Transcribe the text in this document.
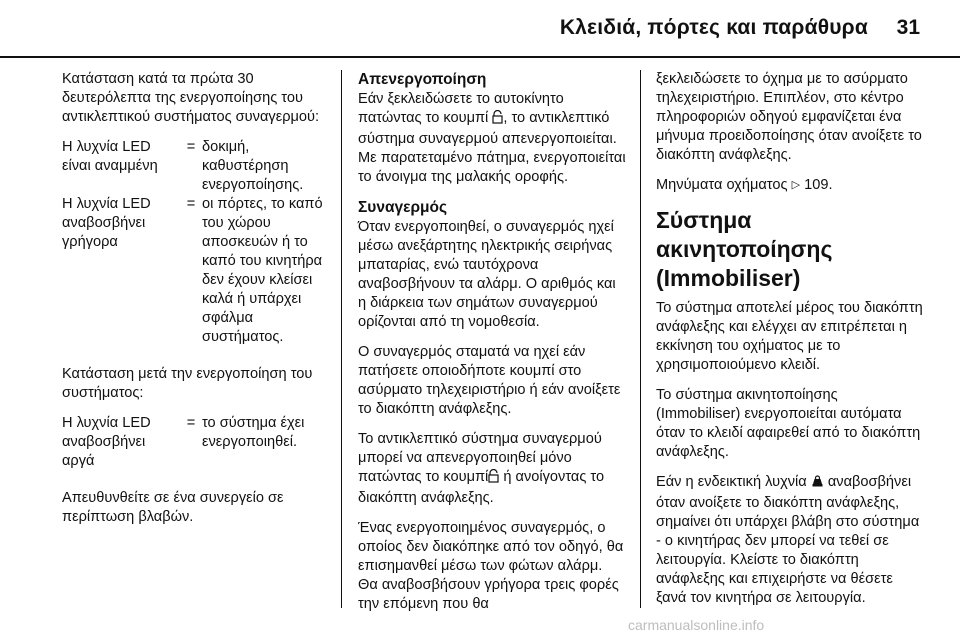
Κλειδιά, πόρτες και παράθυρα 31

Κατάσταση κατά τα πρώτα 30 δευτερόλεπτα της ενεργοποίησης του αντικλεπτικού συστήματος συναγερμού:

Η λυχνία LED είναι αναμμένη
= δοκιμή, καθυστέρηση ενεργοποίησης.
Η λυχνία LED αναβοσβήνει γρήγορα
= οι πόρτες, το καπό του χώρου αποσκευών ή το καπό του κινητήρα δεν έχουν κλείσει καλά ή υπάρχει σφάλμα συστήματος.

Κατάσταση μετά την ενεργοποίηση του συστήματος:

Η λυχνία LED αναβοσβήνει αργά
= το σύστημα έχει ενεργοποιηθεί.

Απευθυνθείτε σε ένα συνεργείο σε περίπτωση βλαβών.

Απενεργοποίηση

Εάν ξεκλειδώσετε το αυτοκίνητο πατώντας το κουμπί , το αντικλεπτικό σύστημα συναγερμού απενεργοποιείται. Με παρατεταμένο πάτημα, ενεργοποιείται το άνοιγμα της μαλακής οροφής.

Συναγερμός

Όταν ενεργοποιηθεί, ο συναγερμός ηχεί μέσω ανεξάρτητης ηλεκτρικής σειρήνας μπαταρίας, ενώ ταυτόχρονα αναβοσβήνουν τα αλάρμ. Ο αριθμός και η διάρκεια των σημάτων συναγερμού ορίζονται από τη νομοθεσία.

Ο συναγερμός σταματά να ηχεί εάν πατήσετε οποιοδήποτε κουμπί στο ασύρματο τηλεχειριστήριο ή εάν ανοίξετε το διακόπτη ανάφλεξης.

Το αντικλεπτικό σύστημα συναγερμού μπορεί να απενεργοποιηθεί μόνο πατώντας το κουμπί ή ανοίγοντας το διακόπτη ανάφλεξης.

Ένας ενεργοποιημένος συναγερμός, ο οποίος δεν διακόπηκε από τον οδηγό, θα επισημανθεί μέσω των φώτων αλάρμ. Θα αναβοσβήσουν γρήγορα τρεις φορές την επόμενη που θα

ξεκλειδώσετε το όχημα με το ασύρματο τηλεχειριστήριο. Επιπλέον, στο κέντρο πληροφοριών οδηγού εμφανίζεται ένα μήνυμα προειδοποίησης όταν ανοίξετε το διακόπτη ανάφλεξης.

Μηνύματα οχήματος ▷ 109.

Σύστημα ακινητοποίησης (Immobiliser)

Το σύστημα αποτελεί μέρος του διακόπτη ανάφλεξης και ελέγχει αν επιτρέπεται η εκκίνηση του οχήματος με το χρησιμοποιούμενο κλειδί.

Το σύστημα ακινητοποίησης (Immobiliser) ενεργοποιείται αυτόματα όταν το κλειδί αφαιρεθεί από το διακόπτη ανάφλεξης.

Εάν η ενδεικτική λυχνία αναβοσβήνει όταν ανοίξετε το διακόπτη ανάφλεξης, σημαίνει ότι υπάρχει βλάβη στο σύστημα - ο κινητήρας δεν μπορεί να τεθεί σε λειτουργία. Κλείστε το διακόπτη ανάφλεξης και επιχειρήστε να θέσετε ξανά τον κινητήρα σε λειτουργία.

carmanualsonline.info
